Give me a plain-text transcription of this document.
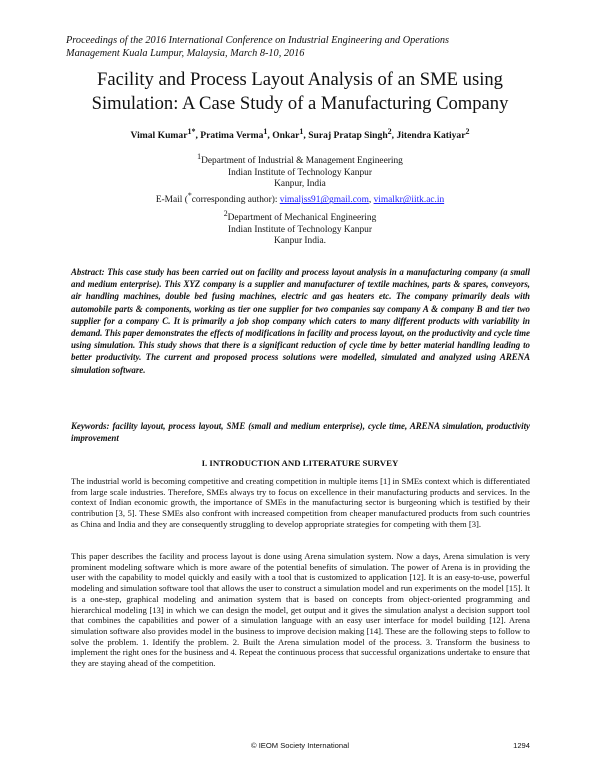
Proceedings of the 2016 International Conference on Industrial Engineering and Operations
Management Kuala Lumpur, Malaysia, March 8-10, 2016
Facility and Process Layout Analysis of an SME using
Simulation: A Case Study of a Manufacturing Company
Vimal Kumar$^{1*}$, Pratima Verma$^1$, Onkar$^1$, Suraj Pratap Singh$^2$, Jitendra Katiyar$^2$
$^1$Department of Industrial & Management Engineering
Indian Institute of Technology Kanpur
Kanpur, India
E-Mail (*corresponding author): vimaljss91@gmail.com, vimalkr@iitk.ac.in
$^2$Department of Mechanical Engineering
Indian Institute of Technology Kanpur
Kanpur India.
Abstract: This case study has been carried out on facility and process layout analysis in a manufacturing company (a small and medium enterprise). This XYZ company is a supplier and manufacturer of textile machines, parts & spares, conveyors, air handling machines, double bed fusing machines, electric and gas heaters etc. The company primarily deals with automobile parts & components, working as tier one supplier for two companies say company A & company B and tier two supplier for a company C. It is primarily a job shop company which caters to many different products with variability in demand. This paper demonstrates the effects of modifications in facility and process layout, on the productivity and cycle time using simulation. This study shows that there is a significant reduction of cycle time by better material handling leading to better productivity. The current and proposed process solutions were modelled, simulated and analyzed using ARENA simulation software.
Keywords: facility layout, process layout, SME (small and medium enterprise), cycle time, ARENA simulation, productivity improvement
I. INTRODUCTION AND LITERATURE SURVEY
The industrial world is becoming competitive and creating competition in multiple items [1] in SMEs context which is differentiated from large scale industries. Therefore, SMEs always try to focus on excellence in their manufacturing products and services. In the context of Indian economic growth, the importance of SMEs in the manufacturing sector is burgeoning which is testified by their contribution [3, 5]. These SMEs also confront with increased competition from cheaper manufactured products from such countries as China and India and they are consequently struggling to develop appropriate strategies for competing with them [3].
This paper describes the facility and process layout is done using Arena simulation system. Now a days, Arena simulation is very prominent modeling software which is more aware of the potential benefits of simulation. The power of Arena is in providing the user with the capability to model quickly and easily with a tool that is customized to application [12]. It is an easy-to-use, powerful modeling and simulation software tool that allows the user to construct a simulation model and run experiments on the model [15]. It is a one-step, graphical modeling and animation system that is based on concepts from object-oriented programming and hierarchical modeling [13] in which we can design the model, get output and it gives the simulation analyst a decision support tool that combines the capabilities and power of a simulation language with an easy user interface for model building [12]. Arena simulation software also provides model in the business to improve decision making [14]. These are the following steps to follow to solve the problem. 1. Identify the problem. 2. Built the Arena simulation model of the process. 3. Transform the business to implement the right ones for the business and 4. Repeat the continuous process that successful organizations undertake to ensure that they are staying ahead of the competition.
© IEOM Society International	1294
